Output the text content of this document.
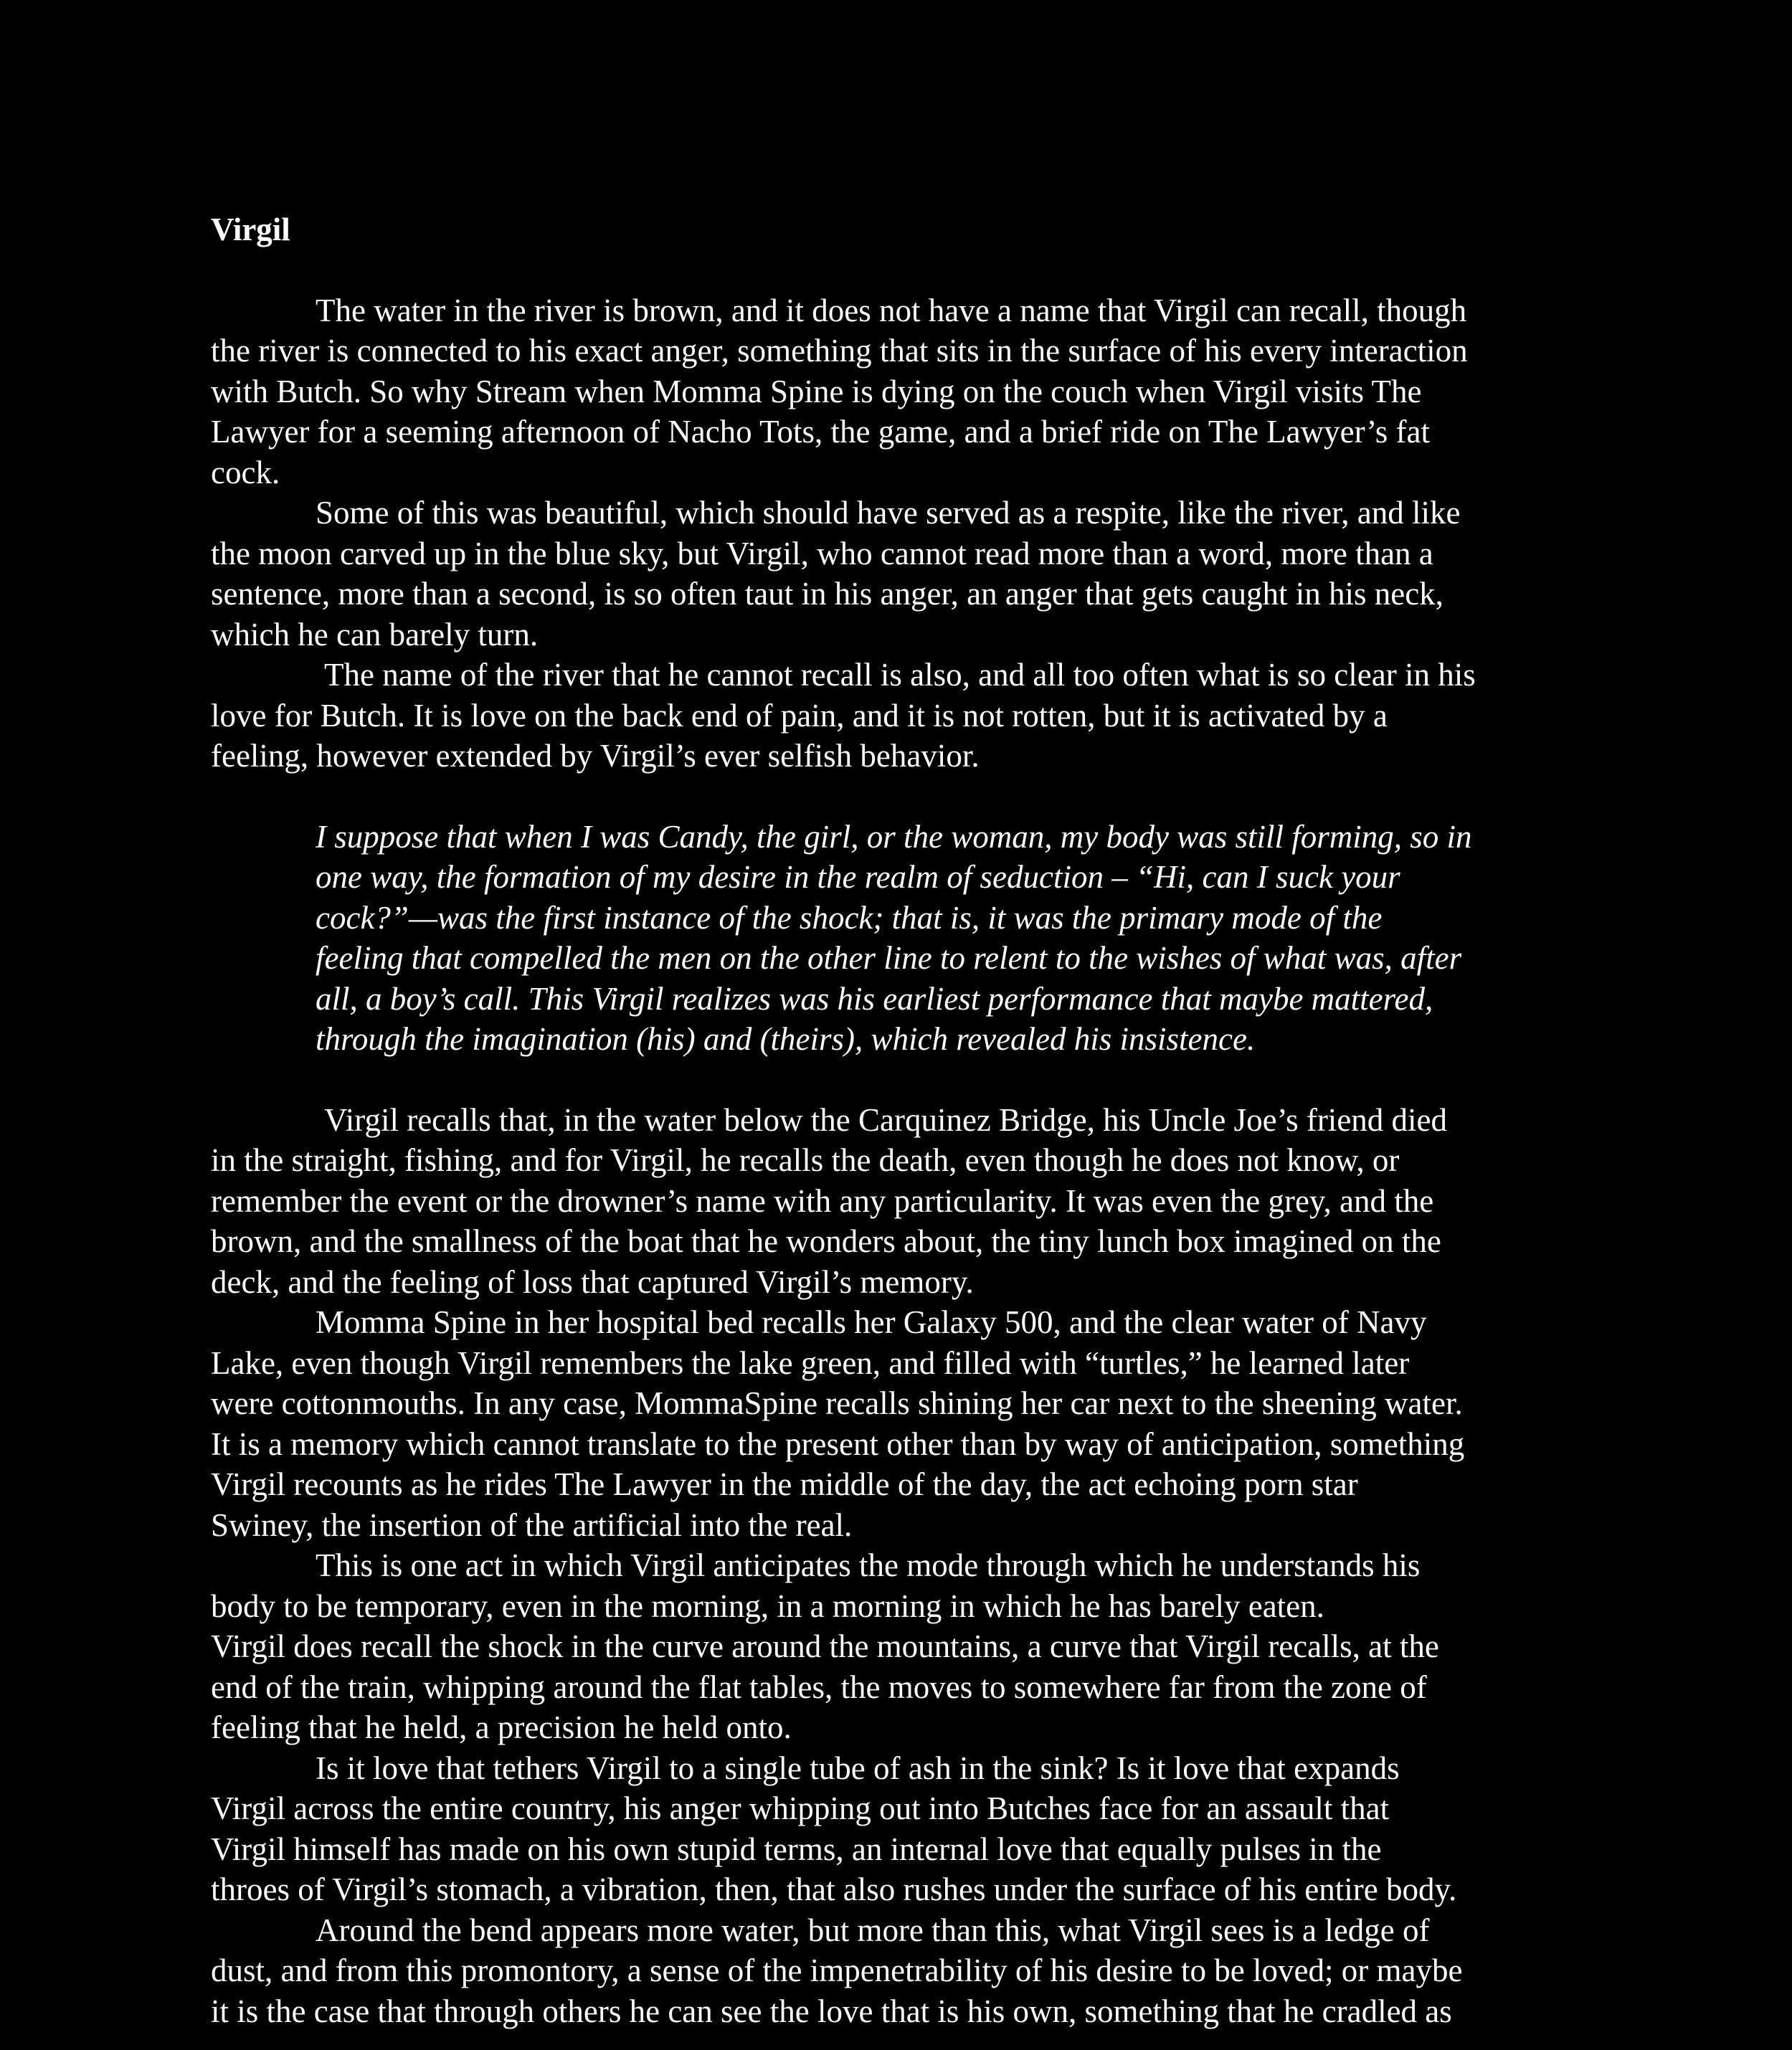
Virgil

The water in the river is brown, and it does not have a name that Virgil can recall, though
the river is connected to his exact anger, something that sits in the surface of his every interaction
with Butch. So why Stream when Momma Spine is dying on the couch when Virgil visits The
Lawyer for a seeming afternoon of Nacho Tots, the game, and a brief ride on The Lawyer’s fat
cock.

Some of this was beautiful, which should have served as a respite, like the river, and like
the moon carved up in the blue sky, but Virgil, who cannot read more than a word, more than a
sentence, more than a second, is so often taut in his anger, an anger that gets caught in his neck,
which he can barely turn.

The name of the river that he cannot recall is also, and all too often what is so clear in his
love for Butch. It is love on the back end of pain, and it is not rotten, but it is activated by a
feeling, however extended by Virgil’s ever selfish behavior.

I suppose that when I was Candy, the girl, or the woman, my body was still forming, so in
one way, the formation of my desire in the realm of seduction – “Hi, can I suck your
cock?”—was the first instance of the shock; that is, it was the primary mode of the
feeling that compelled the men on the other line to relent to the wishes of what was, after
all, a boy’s call. This Virgil realizes was his earliest performance that maybe mattered,
through the imagination (his) and (theirs), which revealed his insistence.

Virgil recalls that, in the water below the Carquinez Bridge, his Uncle Joe’s friend died
in the straight, fishing, and for Virgil, he recalls the death, even though he does not know, or
remember the event or the drowner’s name with any particularity. It was even the grey, and the
brown, and the smallness of the boat that he wonders about, the tiny lunch box imagined on the
deck, and the feeling of loss that captured Virgil’s memory.

Momma Spine in her hospital bed recalls her Galaxy 500, and the clear water of Navy
Lake, even though Virgil remembers the lake green, and filled with “turtles,” he learned later
were cottonmouths. In any case, MommaSpine recalls shining her car next to the sheening water.
It is a memory which cannot translate to the present other than by way of anticipation, something
Virgil recounts as he rides The Lawyer in the middle of the day, the act echoing porn star
Swiney, the insertion of the artificial into the real.

This is one act in which Virgil anticipates the mode through which he understands his
body to be temporary, even in the morning, in a morning in which he has barely eaten.

Virgil does recall the shock in the curve around the mountains, a curve that Virgil recalls, at the
end of the train, whipping around the flat tables, the moves to somewhere far from the zone of
feeling that he held, a precision he held onto.

Is it love that tethers Virgil to a single tube of ash in the sink? Is it love that expands
Virgil across the entire country, his anger whipping out into Butches face for an assault that
Virgil himself has made on his own stupid terms, an internal love that equally pulses in the
throes of Virgil’s stomach, a vibration, then, that also rushes under the surface of his entire body.

Around the bend appears more water, but more than this, what Virgil sees is a ledge of
dust, and from this promontory, a sense of the impenetrability of his desire to be loved; or maybe
it is the case that through others he can see the love that is his own, something that he cradled as
